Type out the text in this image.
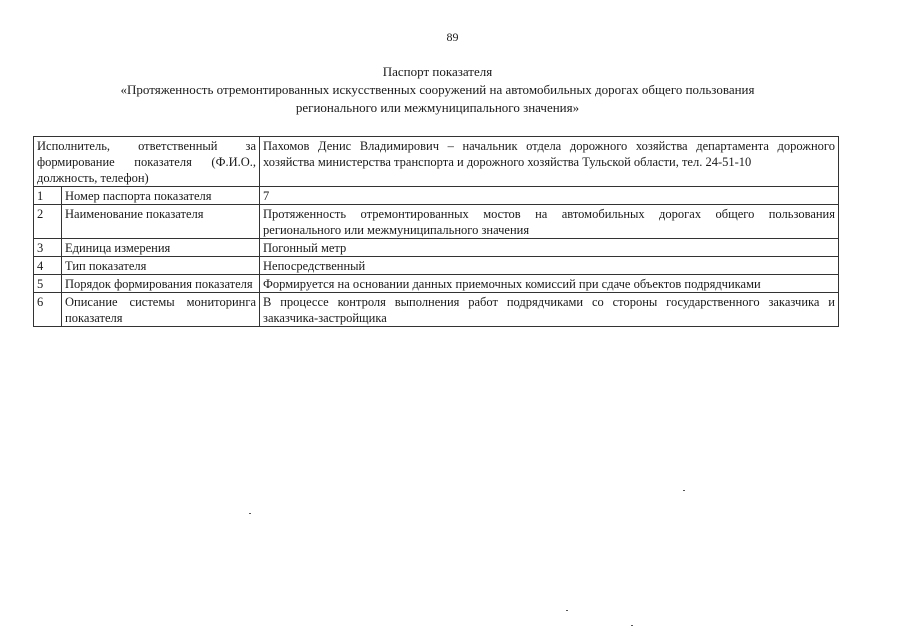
89
Паспорт показателя
«Протяженность отремонтированных искусственных сооружений на автомобильных дорогах общего пользования
регионального или межмуниципального значения»
Исполнитель, ответственный за формирование показателя (Ф.И.О., должность, телефон)		Пахомов Денис Владимирович – начальник отдела дорожного хозяйства департамента дорожного хозяйства министерства транспорта и дорожного хозяйства Тульской области, тел. 24-51-10
1	Номер паспорта показателя	7
2	Наименование показателя	Протяженность отремонтированных мостов на автомобильных дорогах общего пользования регионального или межмуниципального значения
3	Единица измерения	Погонный метр
4	Тип показателя	Непосредственный
5	Порядок формирования показателя	Формируется на основании данных приемочных комиссий при сдаче объектов подрядчиками
6	Описание системы мониторинга показателя	В процессе контроля выполнения работ подрядчиками со стороны государственного заказчика и заказчика-застройщика
